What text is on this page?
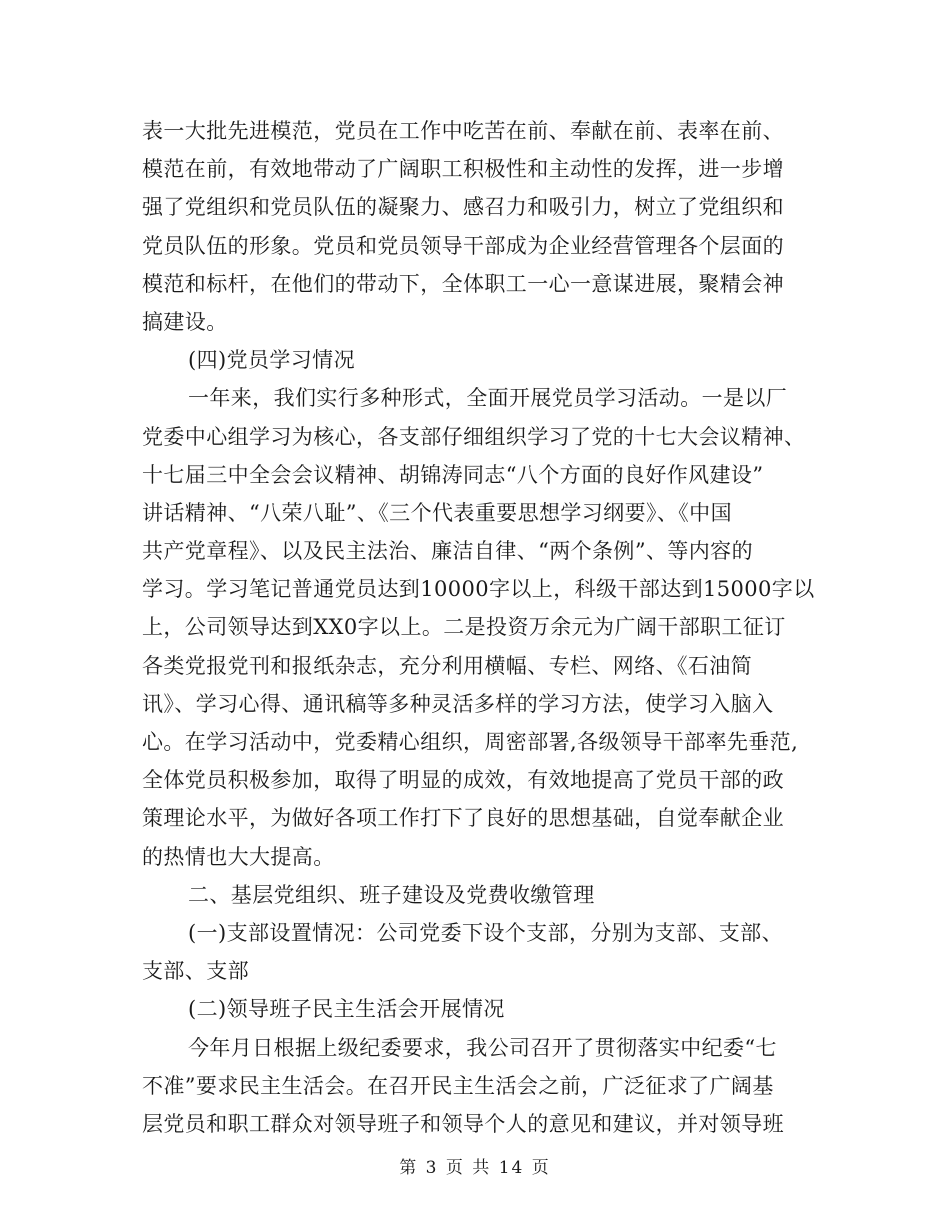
表一大批先进模范，党员在工作中吃苦在前、奉献在前、表率在前、
模范在前，有效地带动了广阔职工积极性和主动性的发挥，进一步增
强了党组织和党员队伍的凝聚力、感召力和吸引力，树立了党组织和
党员队伍的形象。党员和党员领导干部成为企业经营管理各个层面的
模范和标杆，在他们的带动下，全体职工一心一意谋进展，聚精会神
搞建设。
(四)党员学习情况
一年来，我们实行多种形式，全面开展党员学习活动。一是以厂
党委中心组学习为核心，各支部仔细组织学习了党的十七大会议精神、
十七届三中全会会议精神、胡锦涛同志“八个方面的良好作风建设”
讲话精神、“八荣八耻”、《三个代表重要思想学习纲要》、《中国
共产党章程》、以及民主法治、廉洁自律、“两个条例”、等内容的
学习。学习笔记普通党员达到10000字以上，科级干部达到15000字以
上，公司领导达到XX0字以上。二是投资万余元为广阔干部职工征订
各类党报党刊和报纸杂志，充分利用横幅、专栏、网络、《石油简
讯》、学习心得、通讯稿等多种灵活多样的学习方法，使学习入脑入
心。在学习活动中，党委精心组织，周密部署,各级领导干部率先垂范,
全体党员积极参加，取得了明显的成效，有效地提高了党员干部的政
策理论水平，为做好各项工作打下了良好的思想基础，自觉奉献企业
的热情也大大提高。
二、基层党组织、班子建设及党费收缴管理
(一)支部设置情况：公司党委下设个支部，分别为支部、支部、
支部、支部
(二)领导班子民主生活会开展情况
今年月日根据上级纪委要求，我公司召开了贯彻落实中纪委“七
不准”要求民主生活会。在召开民主生活会之前，广泛征求了广阔基
层党员和职工群众对领导班子和领导个人的意见和建议，并对领导班
第 3 页 共 14 页
